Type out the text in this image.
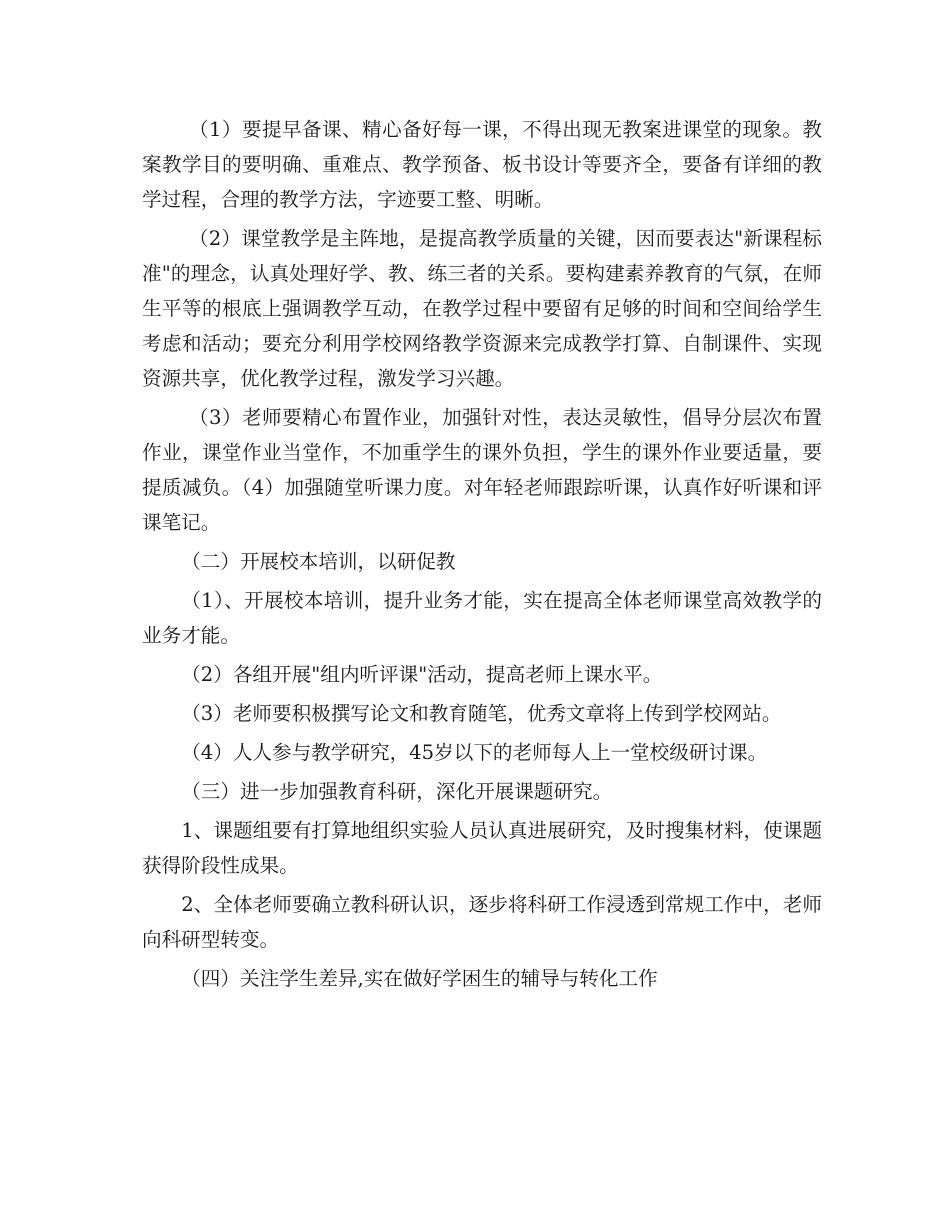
（1）要提早备课、精心备好每一课，不得出现无教案进课堂的现象。教案教学目的要明确、重难点、教学预备、板书设计等要齐全，要备有详细的教学过程，合理的教学方法，字迹要工整、明晰。

（2）课堂教学是主阵地，是提高教学质量的关键，因而要表达"新课程标准"的理念，认真处理好学、教、练三者的关系。要构建素养教育的气氛，在师生平等的根底上强调教学互动，在教学过程中要留有足够的时间和空间给学生考虑和活动；要充分利用学校网络教学资源来完成教学打算、自制课件、实现资源共享，优化教学过程，激发学习兴趣。

（3）老师要精心布置作业，加强针对性，表达灵敏性，倡导分层次布置作业，课堂作业当堂作，不加重学生的课外负担，学生的课外作业要适量，要提质减负。（4）加强随堂听课力度。对年轻老师跟踪听课，认真作好听课和评课笔记。

（二）开展校本培训，以研促教

（1）、开展校本培训，提升业务才能，实在提高全体老师课堂高效教学的业务才能。

（2）各组开展"组内听评课"活动，提高老师上课水平。

（3）老师要积极撰写论文和教育随笔，优秀文章将上传到学校网站。

（4）人人参与教学研究，45岁以下的老师每人上一堂校级研讨课。

（三）进一步加强教育科研，深化开展课题研究。

1、课题组要有打算地组织实验人员认真进展研究，及时搜集材料，使课题获得阶段性成果。

2、全体老师要确立教科研认识，逐步将科研工作浸透到常规工作中，老师向科研型转变。

（四）关注学生差异,实在做好学困生的辅导与转化工作
